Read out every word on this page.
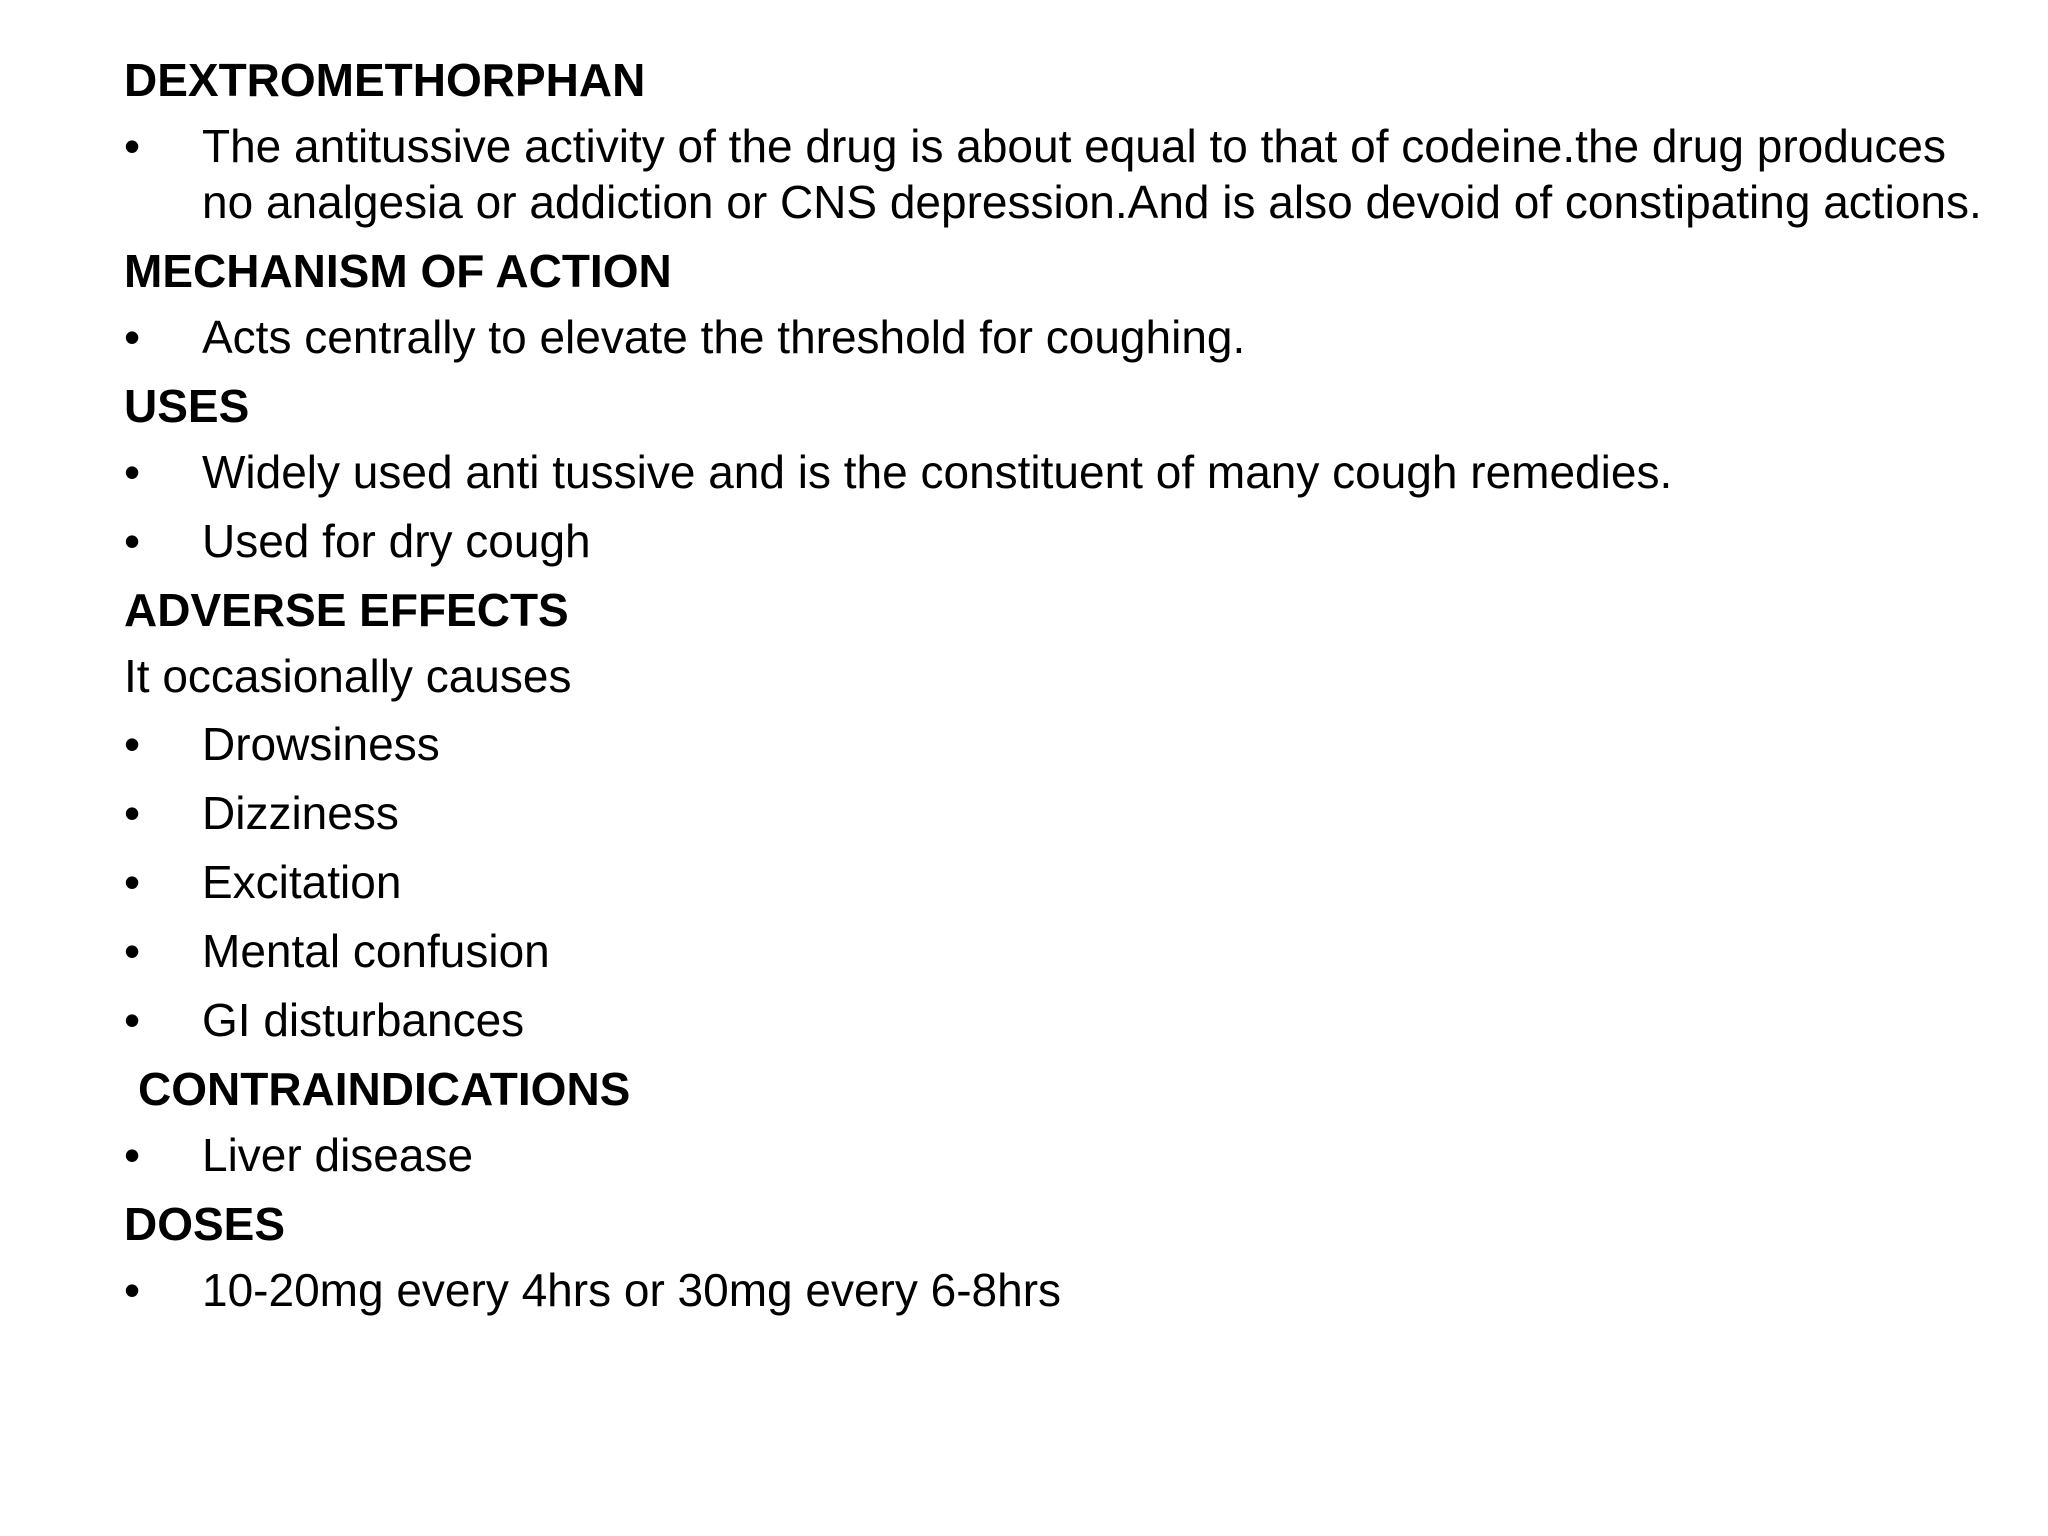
DEXTROMETHORPHAN
•	The antitussive activity of the drug is about equal to that of codeine.the drug produces no analgesia or addiction or CNS depression.And is also devoid of constipating actions.
MECHANISM OF ACTION
•	Acts centrally to elevate the threshold for coughing.
USES
•	Widely used anti tussive and is the constituent of many cough remedies.
•	Used for dry cough
ADVERSE EFFECTS
It occasionally causes
•	Drowsiness
•	Dizziness
•	Excitation
•	Mental confusion
•	GI disturbances
CONTRAINDICATIONS
•	Liver disease
DOSES
•	10-20mg every 4hrs or 30mg every 6-8hrs
